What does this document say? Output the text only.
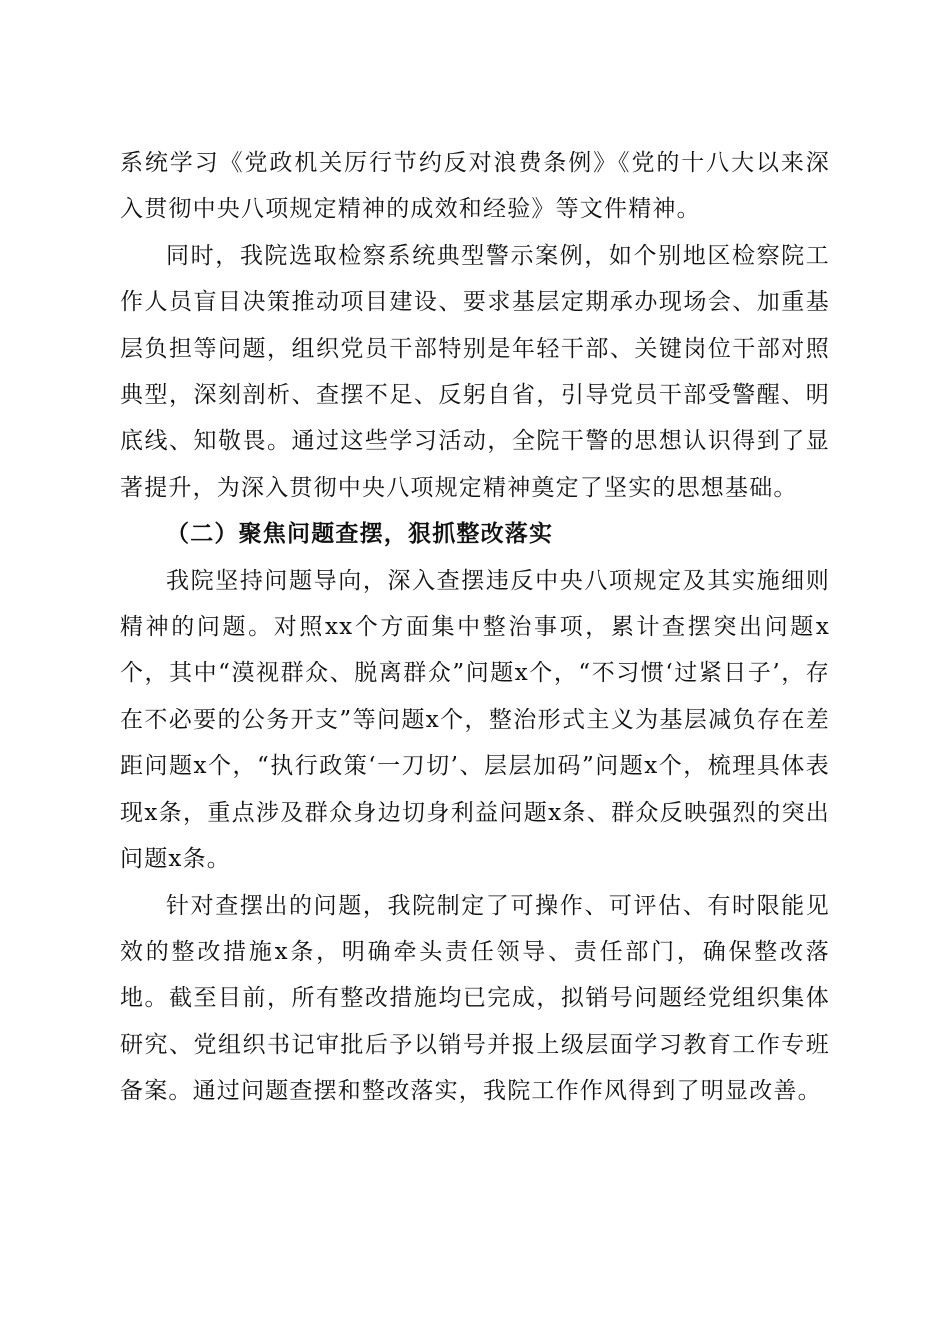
系统学习《党政机关厉行节约反对浪费条例》《党的十八大以来深入贯彻中央八项规定精神的成效和经验》等文件精神。

同时，我院选取检察系统典型警示案例，如个别地区检察院工作人员盲目决策推动项目建设、要求基层定期承办现场会、加重基层负担等问题，组织党员干部特别是年轻干部、关键岗位干部对照典型，深刻剖析、查摆不足、反躬自省，引导党员干部受警醒、明底线、知敬畏。通过这些学习活动，全院干警的思想认识得到了显著提升，为深入贯彻中央八项规定精神奠定了坚实的思想基础。

（二）聚焦问题查摆，狠抓整改落实

我院坚持问题导向，深入查摆违反中央八项规定及其实施细则精神的问题。对照xx个方面集中整治事项，累计查摆突出问题x个，其中“漠视群众、脱离群众”问题x个，“不习惯‘过紧日子’，存在不必要的公务开支”等问题x个，整治形式主义为基层减负存在差距问题x个，“执行政策‘一刀切’、层层加码”问题x个，梳理具体表现x条，重点涉及群众身边切身利益问题x条、群众反映强烈的突出问题x条。

针对查摆出的问题，我院制定了可操作、可评估、有时限能见效的整改措施x条，明确牵头责任领导、责任部门，确保整改落地。截至目前，所有整改措施均已完成，拟销号问题经党组织集体研究、党组织书记审批后予以销号并报上级层面学习教育工作专班备案。通过问题查摆和整改落实，我院工作作风得到了明显改善。
